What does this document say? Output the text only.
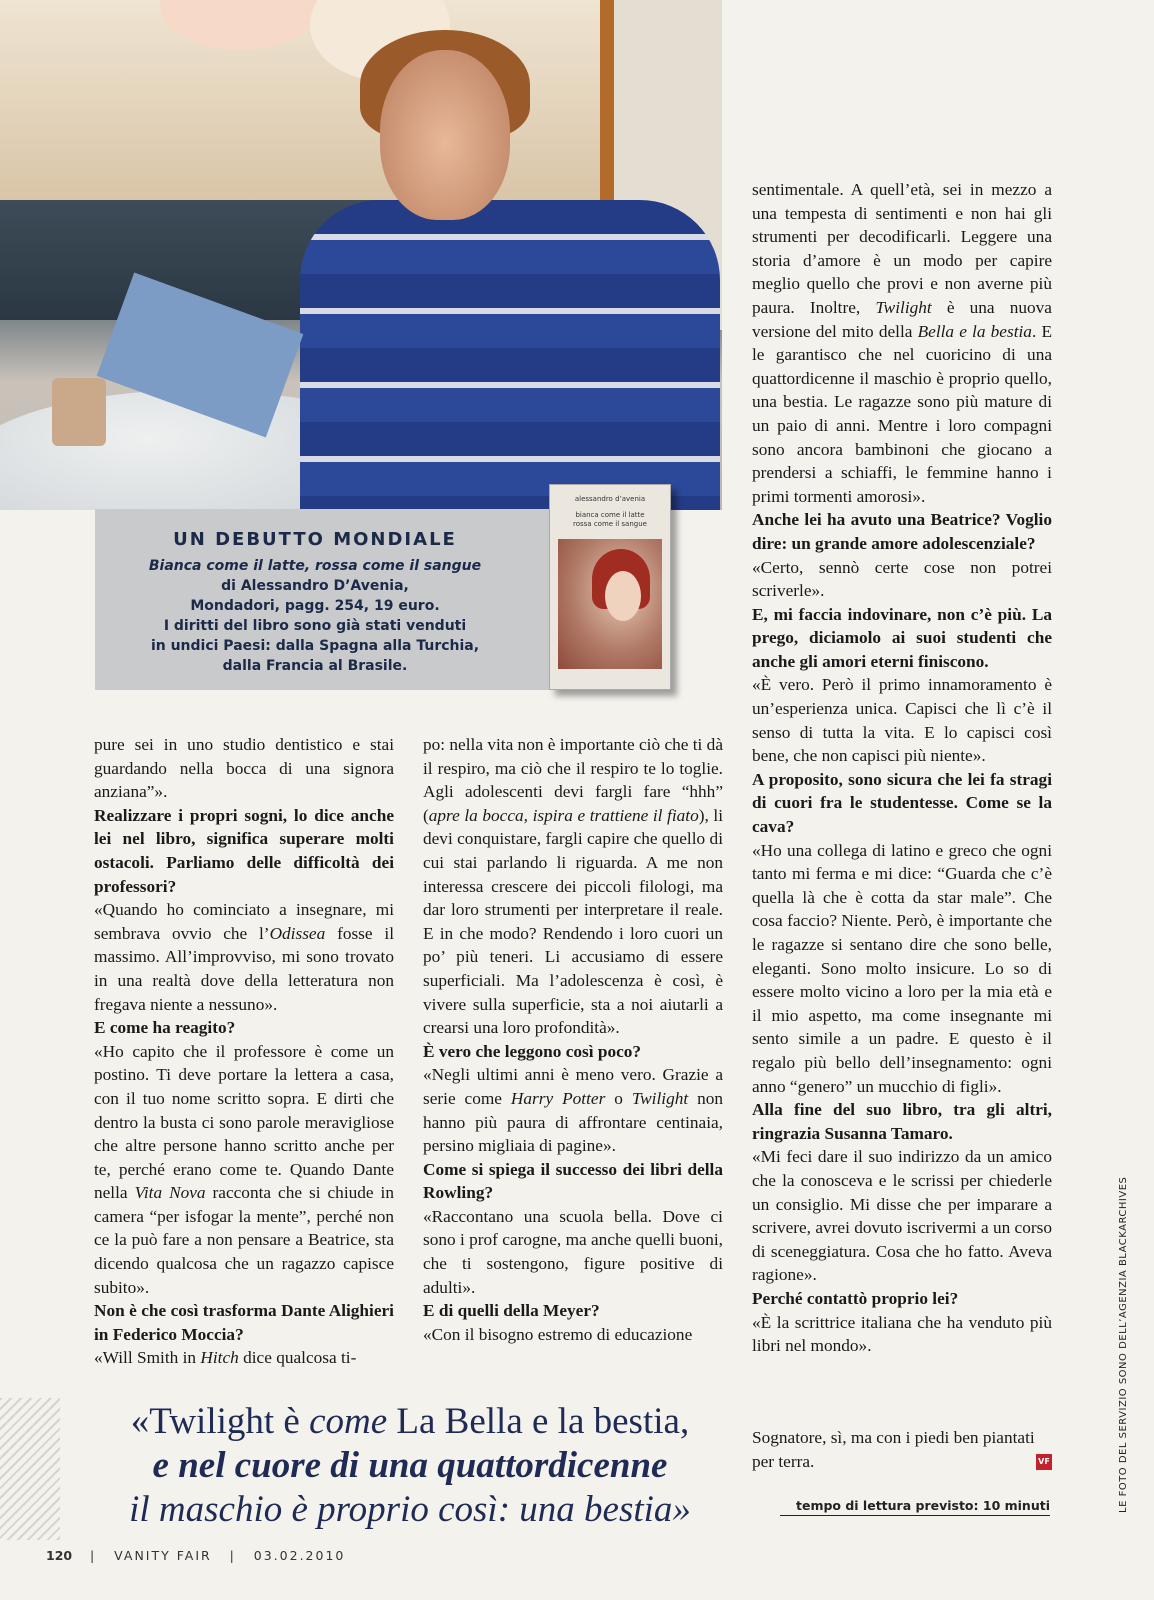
UN DEBUTTO MONDIALE
Bianca come il latte, rossa come il sangue
di Alessandro D’Avenia,
Mondadori, pagg. 254, 19 euro.
I diritti del libro sono già stati venduti
in undici Paesi: dalla Spagna alla Turchia,
dalla Francia al Brasile.
alessandro d’avenia
bianca come il latte
rossa come il sangue

pure sei in uno studio dentistico e stai guardando nella bocca di una signora anziana”».

Realizzare i propri sogni, lo dice anche lei nel libro, significa superare molti ostacoli. Parliamo delle difficoltà dei professori?

«Quando ho cominciato a insegnare, mi sembrava ovvio che l’Odissea fosse il massimo. All’improvviso, mi sono trovato in una realtà dove della letteratura non fregava niente a nessuno».

E come ha reagito?

«Ho capito che il professore è come un postino. Ti deve portare la lettera a casa, con il tuo nome scritto sopra. E dirti che dentro la busta ci sono parole meravigliose che altre persone hanno scritto anche per te, perché erano come te. Quando Dante nella Vita Nova racconta che si chiude in camera “per isfogar la mente”, perché non ce la può fare a non pensare a Beatrice, sta dicendo qualcosa che un ragazzo capisce subito».

Non è che così trasforma Dante Alighieri in Federico Moccia?

«Will Smith in Hitch dice qualcosa ti-

po: nella vita non è importante ciò che ti dà il respiro, ma ciò che il respiro te lo toglie. Agli adolescenti devi fargli fare “hhh” (apre la bocca, ispira e trattiene il fiato), li devi conquistare, fargli capire che quello di cui stai parlando li riguarda. A me non interessa crescere dei piccoli filologi, ma dar loro strumenti per interpretare il reale. E in che modo? Rendendo i loro cuori un po’ più teneri. Li accusiamo di essere superficiali. Ma l’adolescenza è così, è vivere sulla superficie, sta a noi aiutarli a crearsi una loro profondità».

È vero che leggono così poco?

«Negli ultimi anni è meno vero. Grazie a serie come Harry Potter o Twilight non hanno più paura di affrontare centinaia, persino migliaia di pagine».

Come si spiega il successo dei libri della Rowling?

«Raccontano una scuola bella. Dove ci sono i prof carogne, ma anche quelli buoni, che ti sostengono, figure positive di adulti».

E di quelli della Meyer?

«Con il bisogno estremo di educazione

sentimentale. A quell’età, sei in mezzo a una tempesta di sentimenti e non hai gli strumenti per decodificarli. Leggere una storia d’amore è un modo per capire meglio quello che provi e non averne più paura. Inoltre, Twilight è una nuova versione del mito della Bella e la bestia. E le garantisco che nel cuoricino di una quattordicenne il maschio è proprio quello, una bestia. Le ragazze sono più mature di un paio di anni. Mentre i loro compagni sono ancora bambinoni che giocano a prendersi a schiaffi, le femmine hanno i primi tormenti amorosi».

Anche lei ha avuto una Beatrice? Voglio dire: un grande amore adolescenziale?

«Certo, sennò certe cose non potrei scriverle».

E, mi faccia indovinare, non c’è più. La prego, diciamolo ai suoi studenti che anche gli amori eterni finiscono.

«È vero. Però il primo innamoramento è un’esperienza unica. Capisci che lì c’è il senso di tutta la vita. E lo capisci così bene, che non capisci più niente».

A proposito, sono sicura che lei fa stragi di cuori fra le studentesse. Come se la cava?

«Ho una collega di latino e greco che ogni tanto mi ferma e mi dice: “Guarda che c’è quella là che è cotta da star male”. Che cosa faccio? Niente. Però, è importante che le ragazze si sentano dire che sono belle, eleganti. Sono molto insicure. Lo so di essere molto vicino a loro per la mia età e il mio aspetto, ma come insegnante mi sento simile a un padre. E questo è il regalo più bello dell’insegnamento: ogni anno “genero” un mucchio di figli».

Alla fine del suo libro, tra gli altri, ringrazia Susanna Tamaro.

«Mi feci dare il suo indirizzo da un amico che la conosceva e le scrissi per chiederle un consiglio. Mi disse che per imparare a scrivere, avrei dovuto iscrivermi a un corso di sceneggiatura. Cosa che ho fatto. Aveva ragione».

Perché contattò proprio lei?

«È la scrittrice italiana che ha venduto più libri nel mondo».

«Twilight è come La Bella e la bestia,
e nel cuore di una quattordicenne
il maschio è proprio così: una bestia»
Sognatore, sì, ma con i piedi ben piantati per terra.	VF
tempo di lettura previsto: 10 minuti	LE FOTO DEL SERVIZIO SONO DELL’AGENZIA BLACKARCHIVES
120 | VANITY FAIR | 03.02.2010
